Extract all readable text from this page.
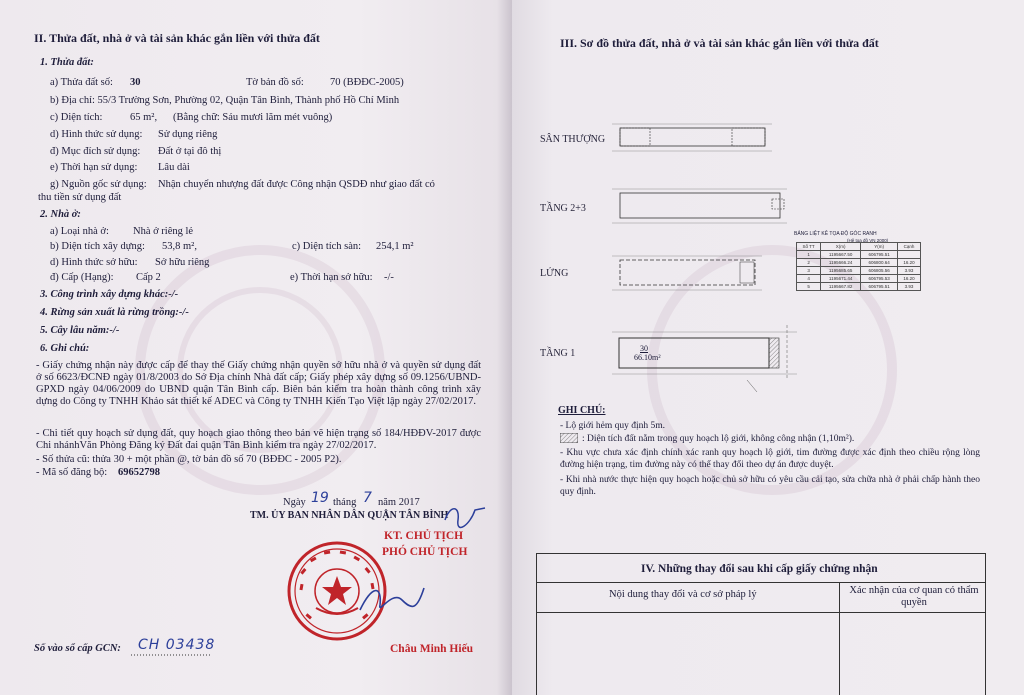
II. Thửa đất, nhà ở và tài sản khác gắn liền với thửa đất
1. Thửa đất:
a) Thửa đất số: 30	Tờ bản đồ số: 70 (BĐĐC-2005)
b) Địa chỉ: 55/3 Trường Sơn, Phường 02, Quận Tân Bình, Thành phố Hồ Chí Minh
c) Diện tích:	65 m², (Bằng chữ: Sáu mươi lăm mét vuông)
d) Hình thức sử dụng: Sử dụng riêng
đ) Mục đích sử dụng: Đất ở tại đô thị
e) Thời hạn sử dụng: Lâu dài
g) Nguồn gốc sử dụng: Nhận chuyển nhượng đất được Công nhận QSDĐ như giao đất có
thu tiền sử dụng đất
2. Nhà ở:
a) Loại nhà ở: Nhà ở riêng lẻ
b) Diện tích xây dựng: 53,8 m²,	c) Diện tích sàn: 254,1 m²
d) Hình thức sở hữu: Sở hữu riêng
đ) Cấp (Hạng): Cấp 2	e) Thời hạn sở hữu: -/-
3. Công trình xây dựng khác:-/-
4. Rừng sản xuất là rừng trồng:-/-
5. Cây lâu năm:-/-
6. Ghi chú:
- Giấy chứng nhận này được cấp để thay thế Giấy chứng nhận quyền sở hữu nhà ở và quyền sử dụng đất ở số 6623/ĐCNĐ ngày 01/8/2003 do Sở Địa chính Nhà đất cấp; Giấy phép xây dựng số 09.1256/UBND-GPXD ngày 04/06/2009 do UBND quận Tân Bình cấp. Biên bản kiểm tra hoàn thành công trình xây dựng do Công ty TNHH Khảo sát thiết kế ADEC và Công ty TNHH Kiến Tạo Việt lập ngày 27/02/2017.
- Chi tiết quy hoạch sử dụng đất, quy hoạch giao thông theo bản vẽ hiện trạng số 184/HĐĐV-2017 được Chi nhánhVăn Phòng Đăng ký Đất đai quận Tân Bình kiểm tra ngày 27/02/2017.
- Số thửa cũ: thửa 30 + một phần @, tờ bản đồ số 70 (BĐĐC - 2005 P2).
- Mã số đăng bộ: 69652798
Ngày 19 tháng 7 năm 2017
TM. ỦY BAN NHÂN DÂN QUẬN TÂN BÌNH
KT. CHỦ TỊCH
PHÓ CHỦ TỊCH
Châu Minh Hiếu
Số vào sổ cấp GCN: CH 03438
III. Sơ đồ thửa đất, nhà ở và tài sản khác gắn liền với thửa đất
SÂN THƯỢNG
TẦNG 2+3
LỬNG
TẦNG 1
BẢNG LIỆT KÊ TỌA ĐỘ GÓC RANH
(Hệ tọa độ VN 2000)
Số TT	X(m)	Y(m)	Cạnh
1	1195667.50	606795.51	
2	1195666.24	606800.64	16.20
3	1195685.65	606805.56	3.93
4	1195671.44	606795.53	16.20
5	1195667.82	606795.51	3.93
30
66.10m²
GHI CHÚ:
- Lộ giới hẻm quy định 5m.
: Diện tích đất nằm trong quy hoạch lộ giới, không công nhận (1,10m²).
- Khu vực chưa xác định chính xác ranh quy hoạch lộ giới, tim đường được xác định theo chiều rộng lòng đường hiện trạng, tim đường này có thể thay đổi theo dự án được duyệt.
- Khi nhà nước thực hiện quy hoạch hoặc chủ sở hữu có yêu cầu cải tạo, sửa chữa nhà ở phải chấp hành theo quy định.
IV. Những thay đổi sau khi cấp giấy chứng nhận
Nội dung thay đổi và cơ sở pháp lý	Xác nhận của cơ quan có thẩm quyền
